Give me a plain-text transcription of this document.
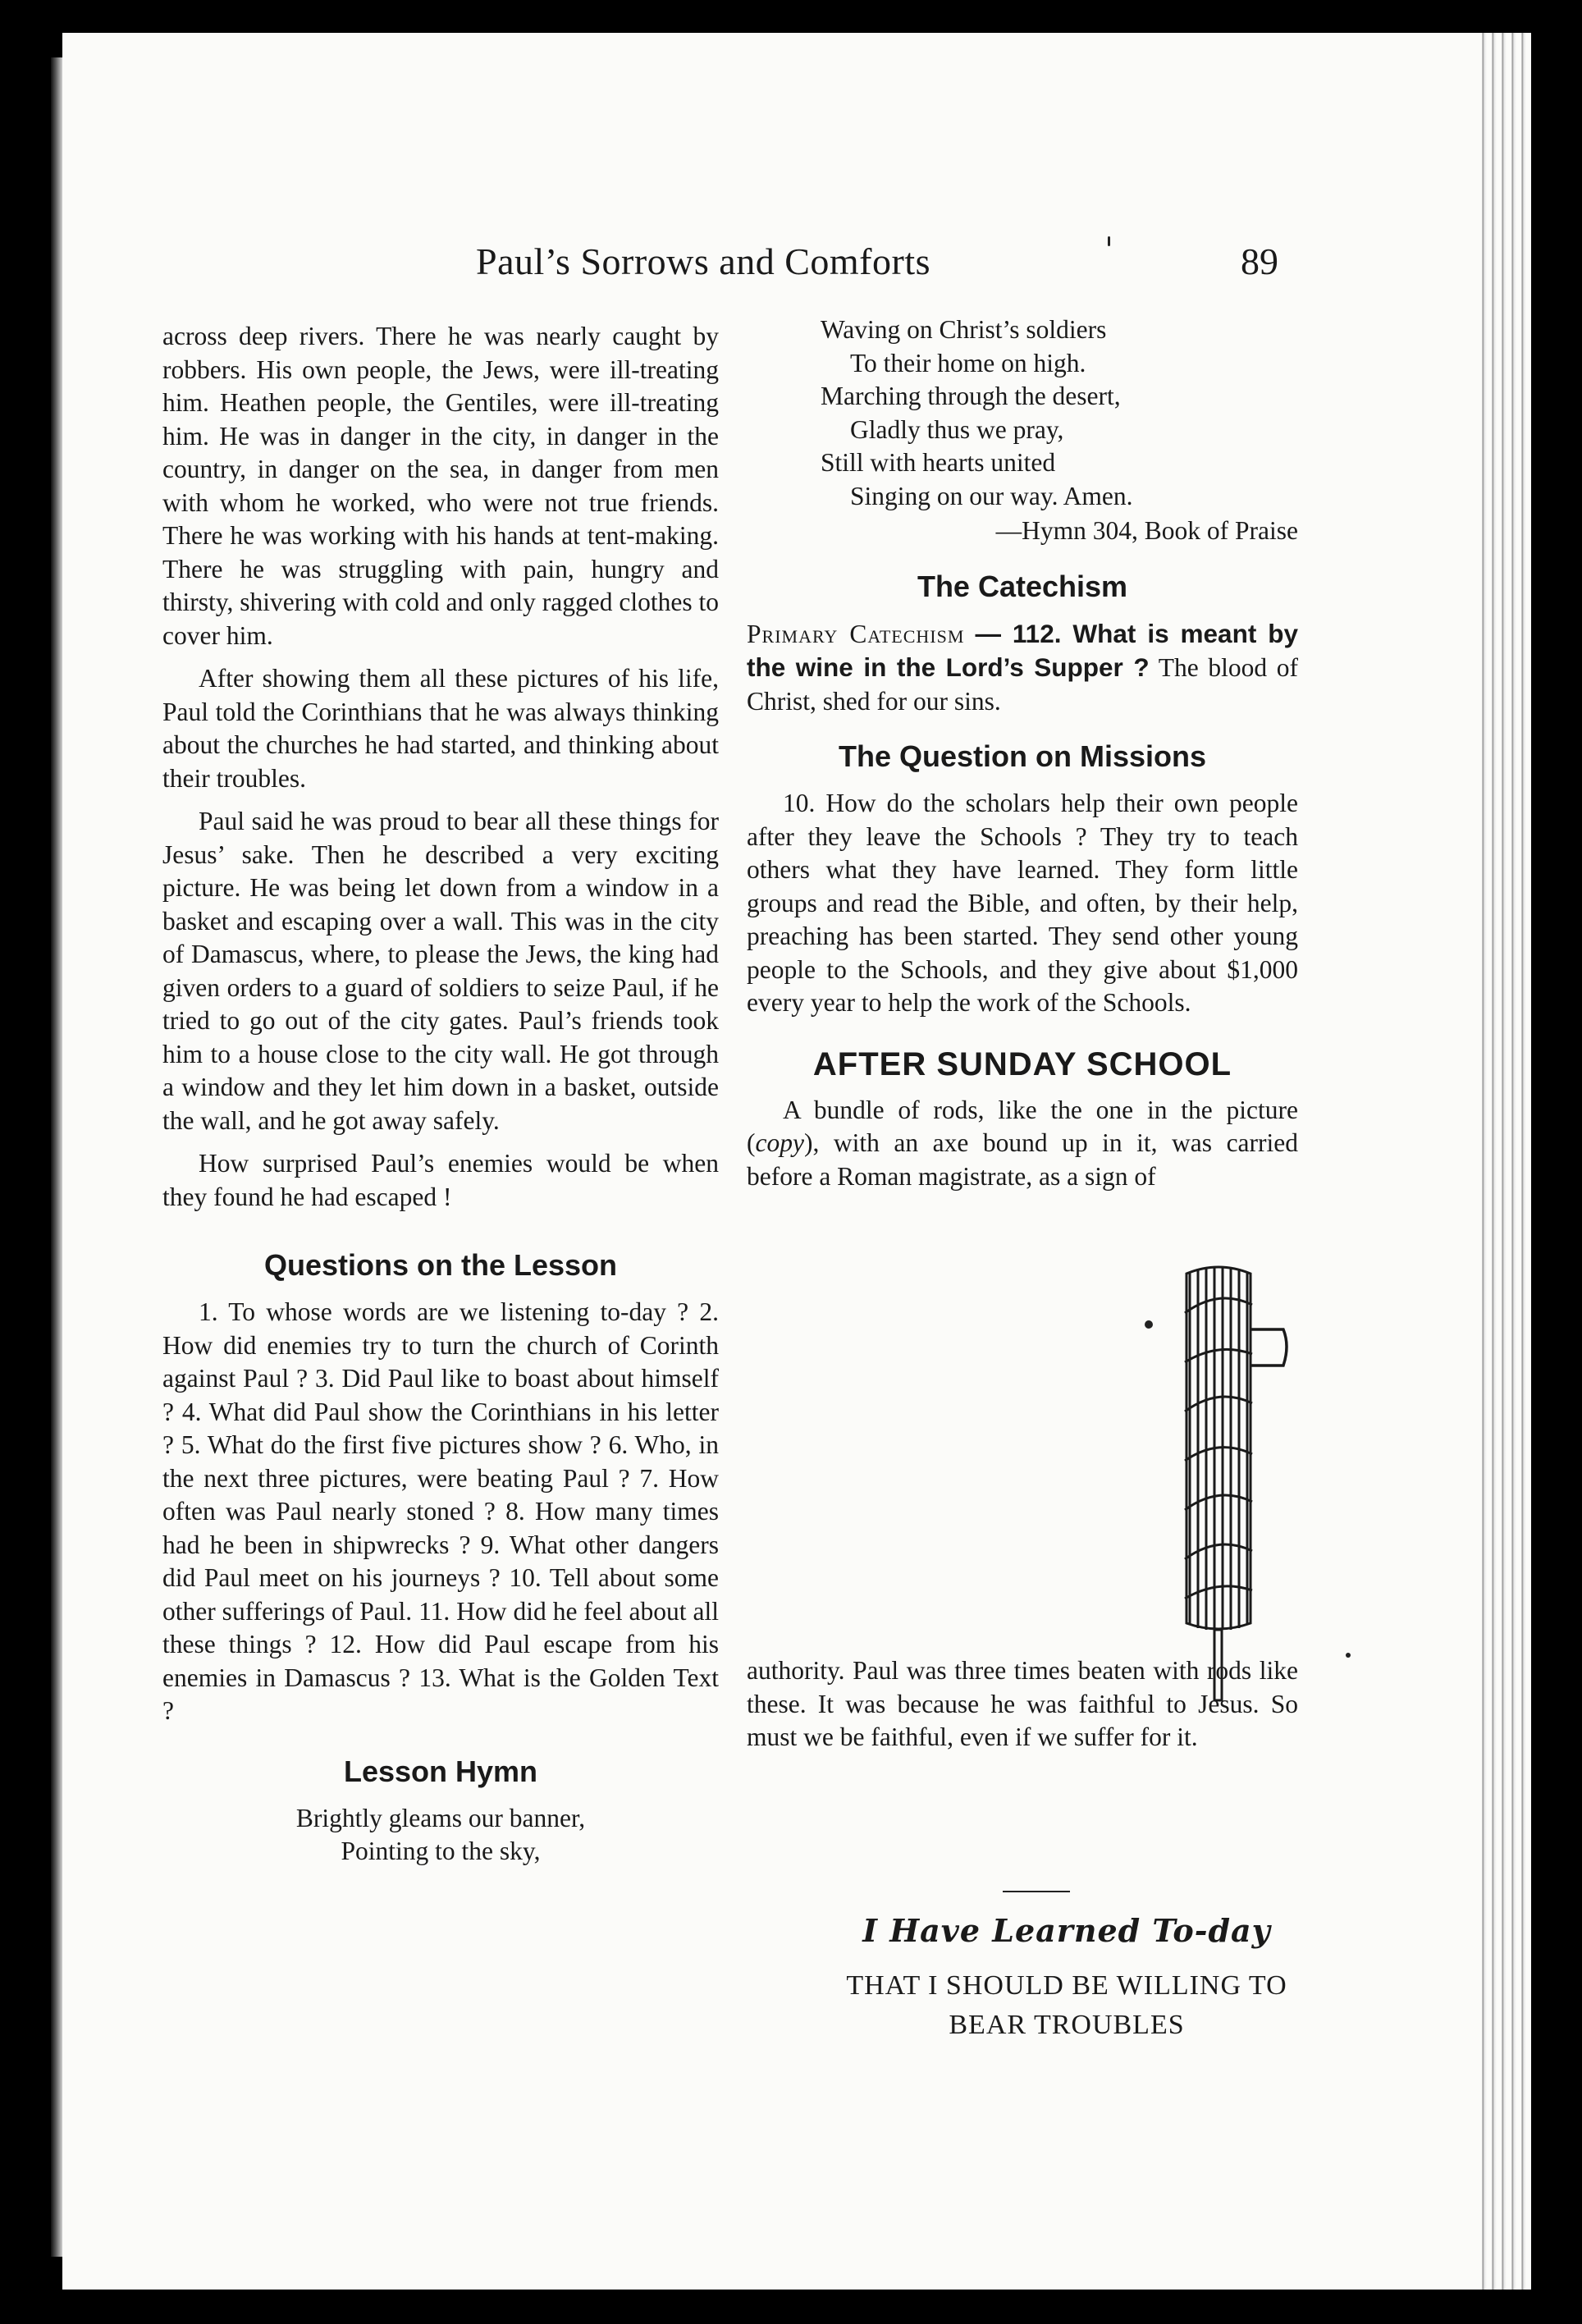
Paul’s Sorrows and Comforts	89

across deep rivers. There he was nearly caught by robbers. His own people, the Jews, were ill-treating him. Heathen people, the Gentiles, were ill-treating him. He was in danger in the city, in danger in the country, in danger on the sea, in danger from men with whom he worked, who were not true friends. There he was working with his hands at tent-making. There he was struggling with pain, hungry and thirsty, shivering with cold and only ragged clothes to cover him.

After showing them all these pictures of his life, Paul told the Corinthians that he was always thinking about the churches he had started, and thinking about their troubles.

Paul said he was proud to bear all these things for Jesus’ sake. Then he described a very exciting picture. He was being let down from a window in a basket and escaping over a wall. This was in the city of Damascus, where, to please the Jews, the king had given orders to a guard of soldiers to seize Paul, if he tried to go out of the city gates. Paul’s friends took him to a house close to the city wall. He got through a window and they let him down in a basket, outside the wall, and he got away safely.

How surprised Paul’s enemies would be when they found he had escaped !

Questions on the Lesson

1. To whose words are we listening to-day ? 2. How did enemies try to turn the church of Corinth against Paul ? 3. Did Paul like to boast about himself ? 4. What did Paul show the Corinthians in his letter ? 5. What do the first five pictures show ? 6. Who, in the next three pictures, were beating Paul ? 7. How often was Paul nearly stoned ? 8. How many times had he been in shipwrecks ? 9. What other dangers did Paul meet on his journeys ? 10. Tell about some other sufferings of Paul. 11. How did he feel about all these things ? 12. How did Paul escape from his enemies in Damascus ? 13. What is the Golden Text ?

Lesson Hymn
Brightly gleams our banner,
Pointing to the sky,
Waving on Christ’s soldiers
To their home on high.
Marching through the desert,
Gladly thus we pray,
Still with hearts united
Singing on our way. Amen.
—Hymn 304, Book of Praise
The Catechism

Primary Catechism — 112. What is meant by the wine in the Lord’s Supper ? The blood of Christ, shed for our sins.

The Question on Missions

10. How do the scholars help their own people after they leave the Schools ? They try to teach others what they have learned. They form little groups and read the Bible, and often, by their help, preaching has been started. They send other young people to the Schools, and they give about $1,000 every year to help the work of the Schools.

AFTER SUNDAY SCHOOL

A bundle of rods, like the one in the picture (copy), with an axe bound up in it, was carried before a Roman magistrate, as a sign of

authority. Paul was three times beaten with rods like these. It was because he was faithful to Jesus. So must we be faithful, even if we suffer for it.

I Have Learned To-day
THAT I SHOULD BE WILLING TO
BEAR TROUBLES
